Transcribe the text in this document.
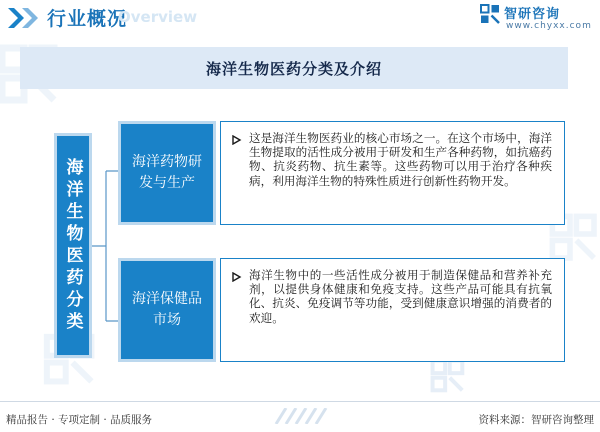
行业概况
Overview	智研咨询
www.chyxx.com
海洋生物医药分类及介绍
海洋生物医药分类	海洋药物研发与生产
这是海洋生物医药业的核心市场之一。在这个市场中，海洋生物提取的活性成分被用于研发和生产各种药物，如抗癌药物、抗炎药物、抗生素等。这些药物可以用于治疗各种疾病，利用海洋生物的特殊性质进行创新性药物开发。
海洋保健品市场
海洋生物中的一些活性成分被用于制造保健品和营养补充剂，以提供身体健康和免疫支持。这些产品可能具有抗氧化、抗炎、免疫调节等功能，受到健康意识增强的消费者的欢迎。
精品报告 · 专项定制 · 品质服务	资料来源：智研咨询整理
